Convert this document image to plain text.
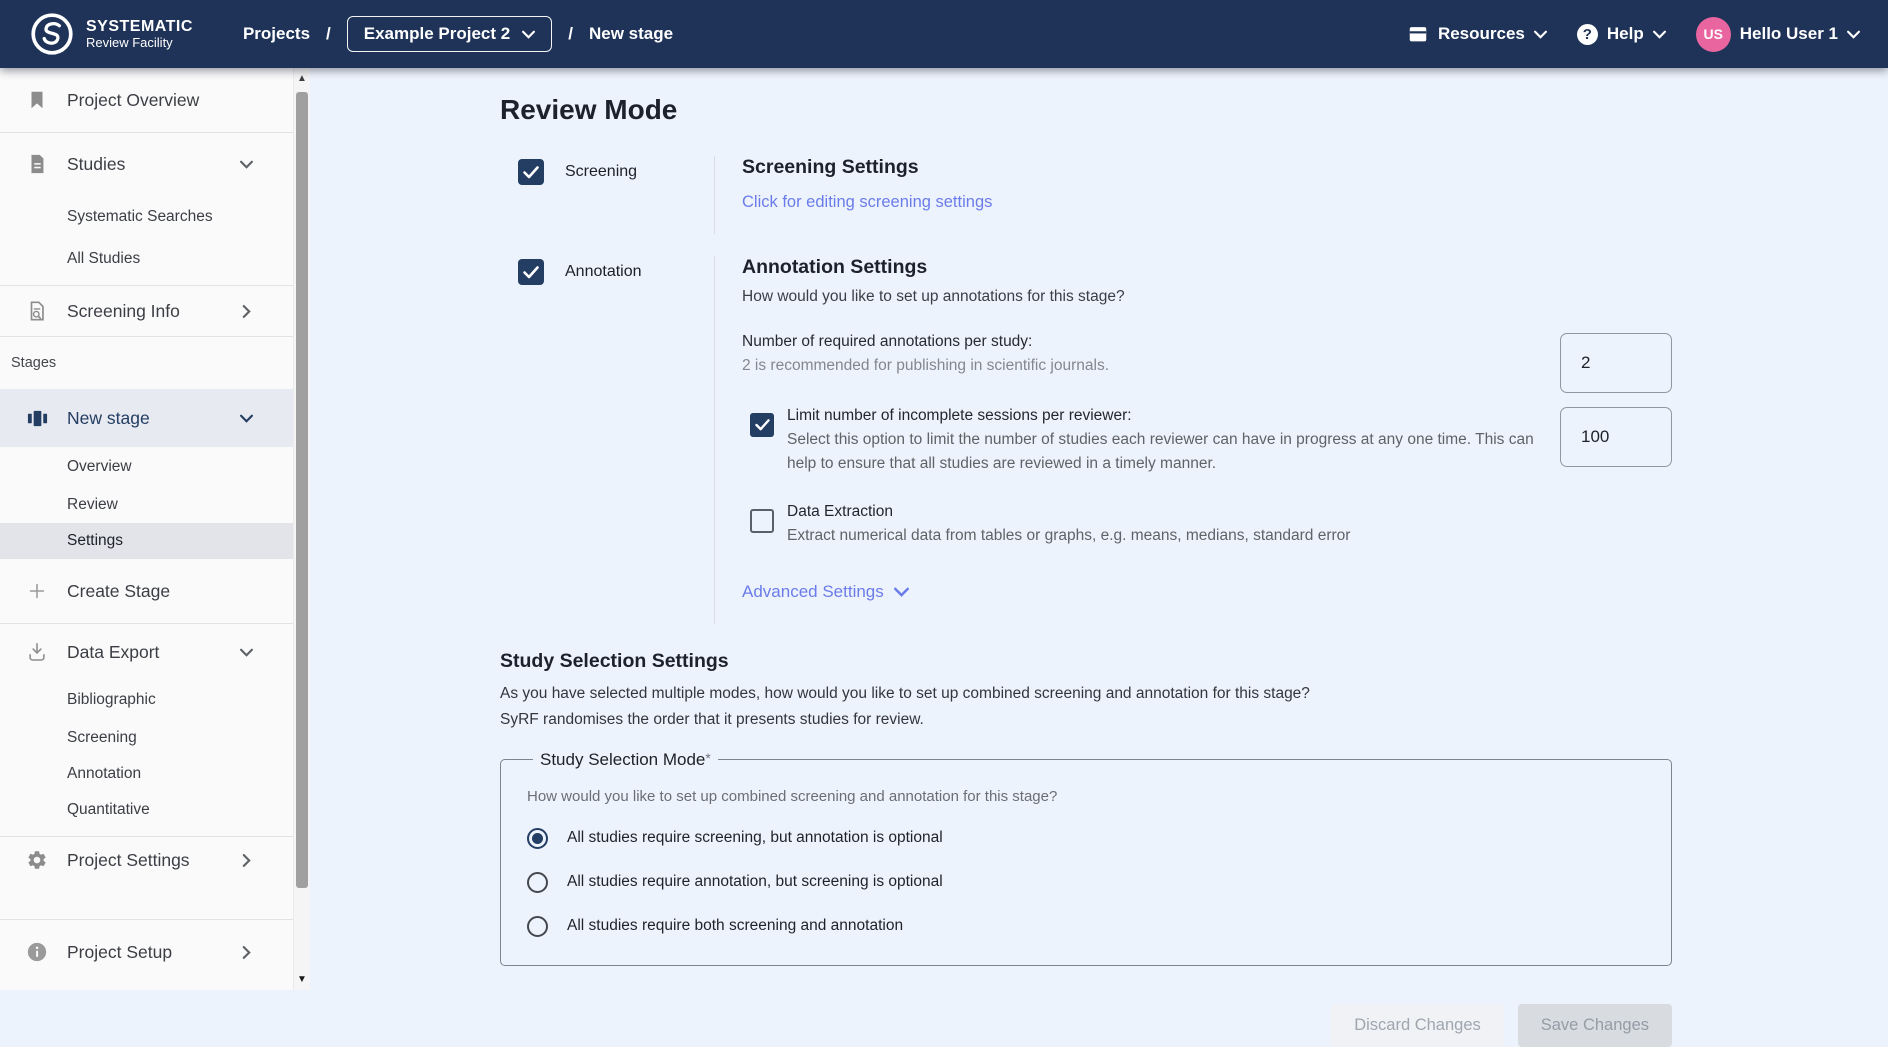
SYSTEMATIC
Review Facility	Projects / Example Project 2	/ New stage	Resources	? Help	US Hello User 1
Project Overview
Studies
Systematic Searches
All Studies
Screening Info
Stages
New stage
Overview
Review
Settings
Create Stage
Data Export
Bibliographic
Screening
Annotation
Quantitative
Project Settings
Project Setup
▲
▼
Review Mode
Screening	Screening Settings
Click for editing screening settings
Annotation	Annotation Settings
How would you like to set up annotations for this stage?
Number of required annotations per study:
2 is recommended for publishing in scientific journals.
2
Limit number of incomplete sessions per reviewer:
Select this option to limit the number of studies each reviewer can have in progress at any one time. This can help to ensure that all studies are reviewed in a timely manner.
100
Data Extraction
Extract numerical data from tables or graphs, e.g. means, medians, standard error
Advanced Settings
Study Selection Settings
As you have selected multiple modes, how would you like to set up combined screening and annotation for this stage?
SyRF randomises the order that it presents studies for review.
Study Selection Mode*
How would you like to set up combined screening and annotation for this stage?
All studies require screening, but annotation is optional
All studies require annotation, but screening is optional
All studies require both screening and annotation
Discard Changes	Save Changes
